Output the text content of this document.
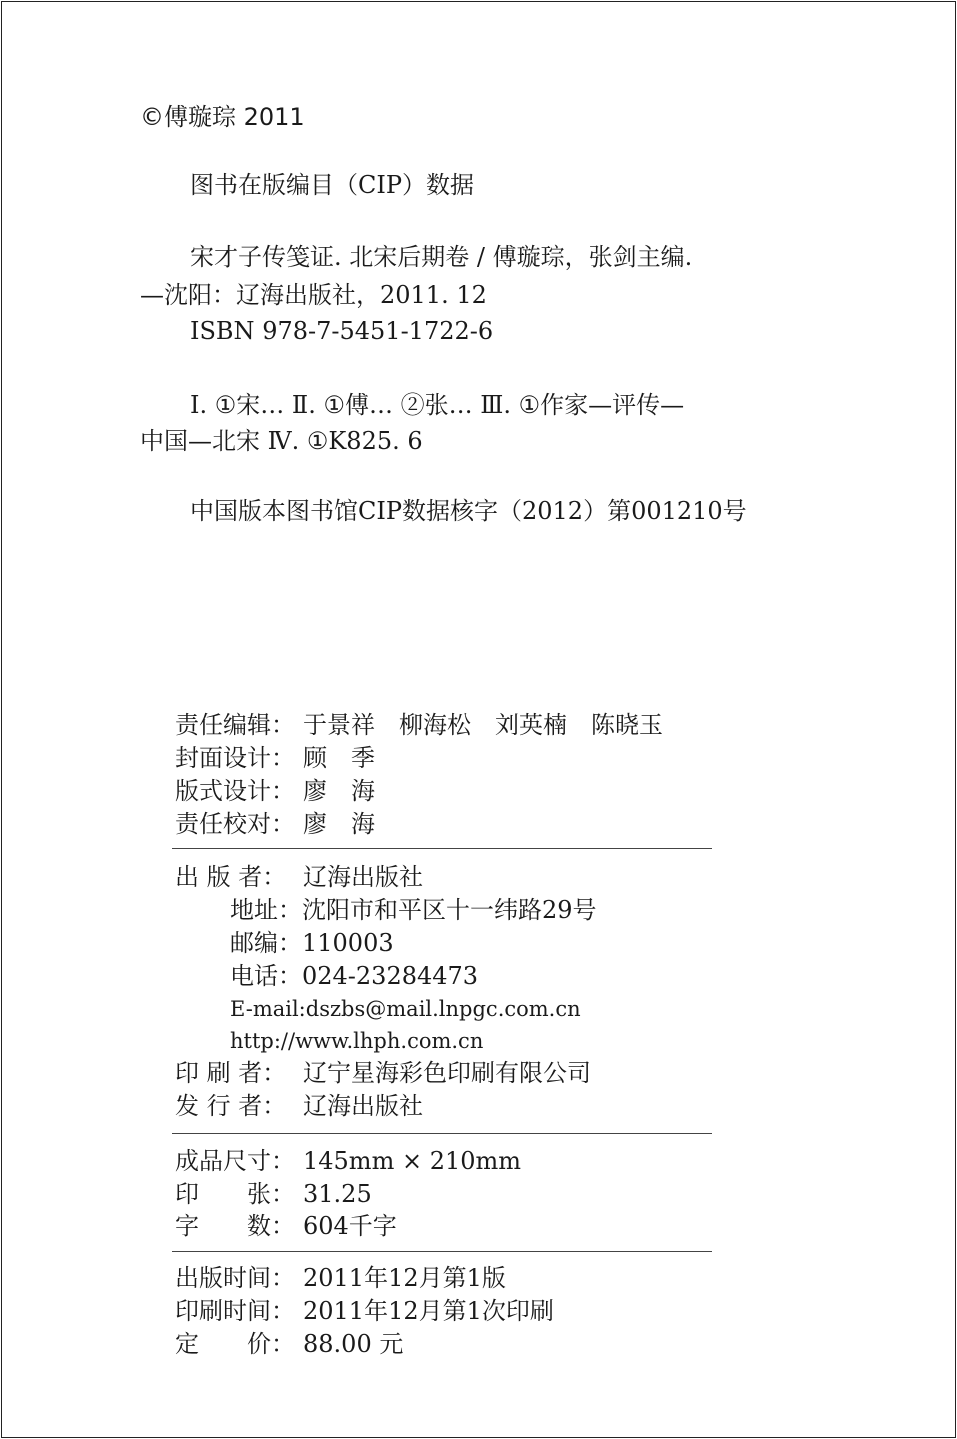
©傅璇琮 2011
图书在版编目（CIP）数据
宋才子传笺证. 北宋后期卷 / 傅璇琮，张剑主编.
—沈阳：辽海出版社，2011. 12
ISBN 978-7-5451-1722-6
Ⅰ. ①宋… Ⅱ. ①傅… ②张… Ⅲ. ①作家—评传—
中国—北宋 Ⅳ. ①K825. 6
中国版本图书馆CIP数据核字（2012）第001210号
责任编辑： 于景祥　柳海松　刘英楠　陈晓玉
封面设计： 顾　季
版式设计： 廖　海
责任校对： 廖　海
出 版 者： 辽海出版社
地址：沈阳市和平区十一纬路29号
邮编：110003
电话：024-23284473
E-mail:dszbs@mail.lnpgc.com.cn
http://www.lhph.com.cn
印 刷 者： 辽宁星海彩色印刷有限公司
发 行 者： 辽海出版社
成品尺寸： 145mm × 210mm
印　　张： 31.25
字　　数： 604千字
出版时间： 2011年12月第1版
印刷时间： 2011年12月第1次印刷
定　　价： 88.00 元
